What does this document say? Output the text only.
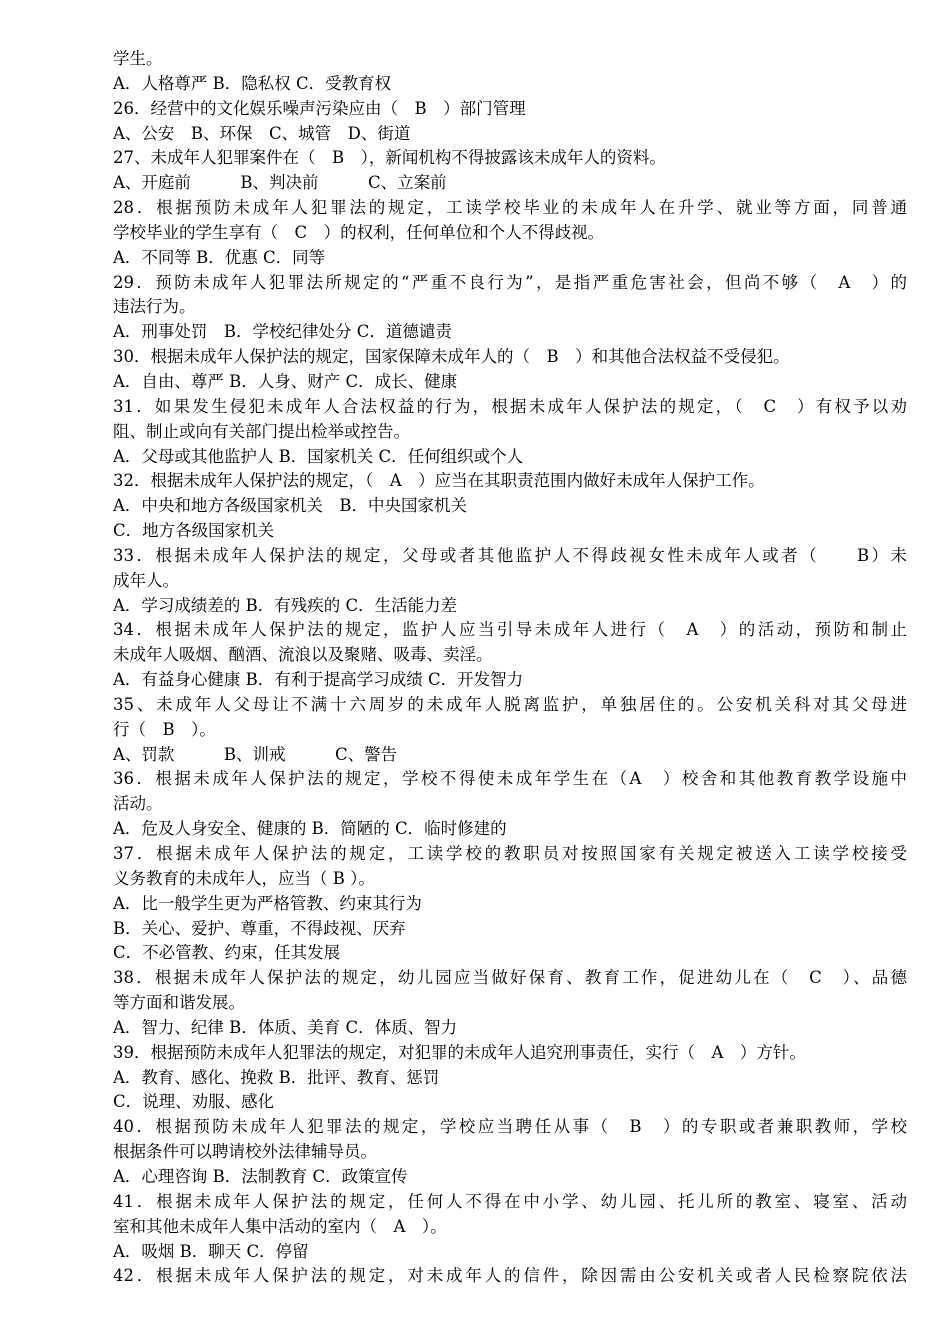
学生。
A．人格尊严 B．隐私权 C．受教育权
26．经营中的文化娱乐噪声污染应由（　B　）部门管理
A、公安　B、环保　C、城管　D、街道
27、未成年人犯罪案件在（　B　），新闻机构不得披露该未成年人的资料。
A、开庭前　　　B、判决前　　　C、立案前
28．根据预防未成年人犯罪法的规定，工读学校毕业的未成年人在升学、就业等方面，同普通
学校毕业的学生享有（　C　）的权利，任何单位和个人不得歧视。
A．不同等 B．优惠 C．同等
29．预防未成年人犯罪法所规定的“严重不良行为”，是指严重危害社会，但尚不够（　A　）的
违法行为。
A．刑事处罚　B．学校纪律处分 C．道德谴责
30．根据未成年人保护法的规定，国家保障未成年人的（　B　）和其他合法权益不受侵犯。
A．自由、尊严 B．人身、财产 C．成长、健康
31．如果发生侵犯未成年人合法权益的行为，根据未成年人保护法的规定，（　C　）有权予以劝
阻、制止或向有关部门提出检举或控告。
A．父母或其他监护人 B．国家机关 C．任何组织或个人
32．根据未成年人保护法的规定，（　A　）应当在其职责范围内做好未成年人保护工作。
A．中央和地方各级国家机关　B．中央国家机关
C．地方各级国家机关
33．根据未成年人保护法的规定，父母或者其他监护人不得歧视女性未成年人或者（　　B）未
成年人。
A．学习成绩差的 B．有残疾的 C．生活能力差
34．根据未成年人保护法的规定，监护人应当引导未成年人进行（　A　）的活动，预防和制止
未成年人吸烟、酗酒、流浪以及聚赌、吸毒、卖淫。
A．有益身心健康 B．有利于提高学习成绩 C．开发智力
35、未成年人父母让不满十六周岁的未成年人脱离监护，单独居住的。公安机关科对其父母进
行（　B　）。
A、罚款　　　B、训戒　　　C、警告
36．根据未成年人保护法的规定，学校不得使未成年学生在（A　）校舍和其他教育教学设施中
活动。
A．危及人身安全、健康的 B．简陋的 C．临时修建的
37．根据未成年人保护法的规定，工读学校的教职员对按照国家有关规定被送入工读学校接受
义务教育的未成年人，应当（ B ）。
A．比一般学生更为严格管教、约束其行为
B．关心、爱护、尊重，不得歧视、厌弃
C．不必管教、约束，任其发展
38．根据未成年人保护法的规定，幼儿园应当做好保育、教育工作，促进幼儿在（　C　）、品德
等方面和谐发展。
A．智力、纪律 B．体质、美育 C．体质、智力
39．根据预防未成年人犯罪法的规定，对犯罪的未成年人追究刑事责任，实行（　A　）方针。
A．教育、感化、挽救 B．批评、教育、惩罚
C．说理、劝服、感化
40．根据预防未成年人犯罪法的规定，学校应当聘任从事（　B　）的专职或者兼职教师，学校
根据条件可以聘请校外法律辅导员。
A．心理咨询 B．法制教育 C．政策宣传
41．根据未成年人保护法的规定，任何人不得在中小学、幼儿园、托儿所的教室、寝室、活动
室和其他未成年人集中活动的室内（　A　）。
A．吸烟 B．聊天 C．停留
42．根据未成年人保护法的规定，对未成年人的信件，除因需由公安机关或者人民检察院依法
